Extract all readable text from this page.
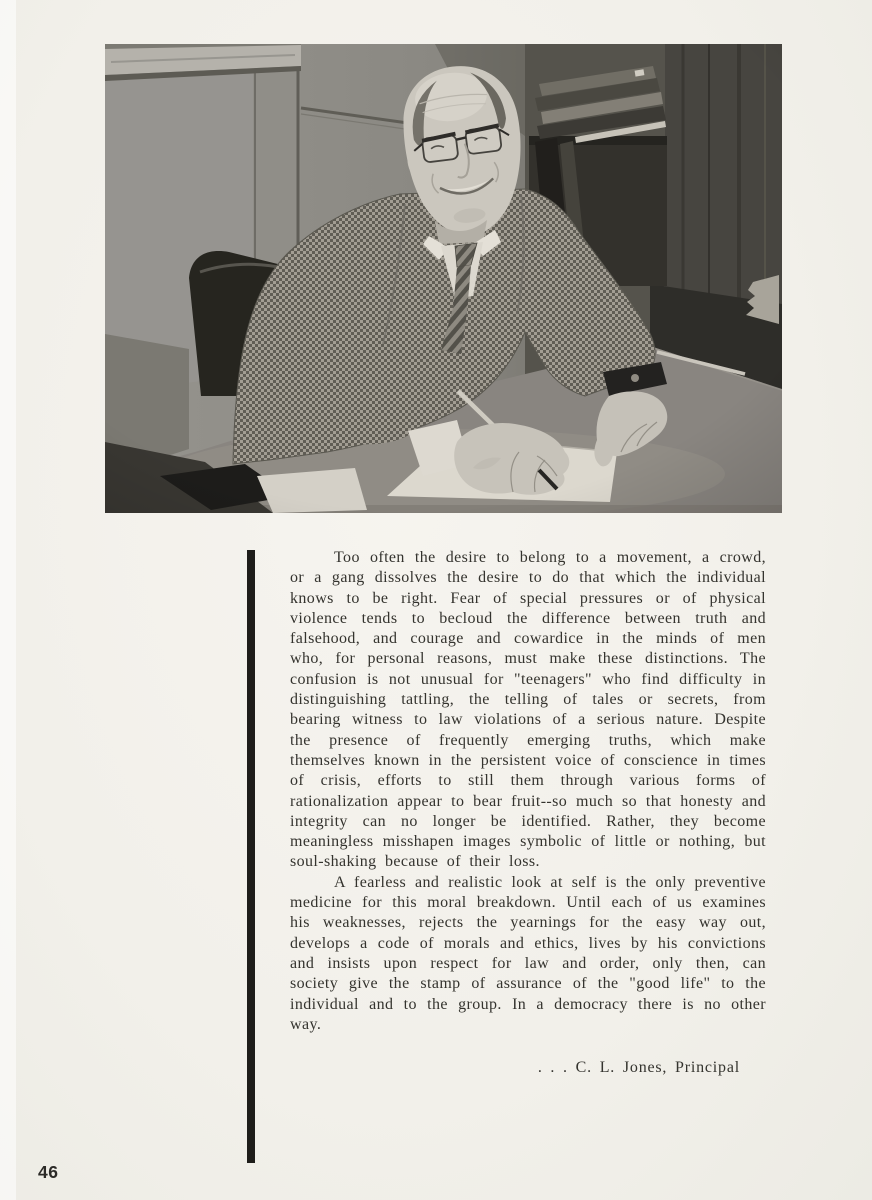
Too often the desire to belong to a movement, a crowd, or a gang dissolves the desire to do that which the individual knows to be right. Fear of special pressures or of physical violence tends to becloud the difference between truth and falsehood, and courage and cowardice in the minds of men who, for personal reasons, must make these distinctions. The confusion is not unusual for "teenagers" who find difficulty in distinguishing tattling, the telling of tales or secrets, from bearing witness to law violations of a serious nature. Despite the presence of frequently emerging truths, which make themselves known in the persistent voice of conscience in times of crisis, efforts to still them through various forms of rationalization appear to bear fruit--so much so that honesty and integrity can no longer be identified. Rather, they become meaningless misshapen images symbolic of little or nothing, but soul-shaking because of their loss.

A fearless and realistic look at self is the only preventive medicine for this moral breakdown. Until each of us examines his weaknesses, rejects the yearnings for the easy way out, develops a code of morals and ethics, lives by his convictions and insists upon respect for law and order, only then, can society give the stamp of assurance of the "good life" to the individual and to the group. In a democracy there is no other way.

. . . C. L. Jones, Principal
46
